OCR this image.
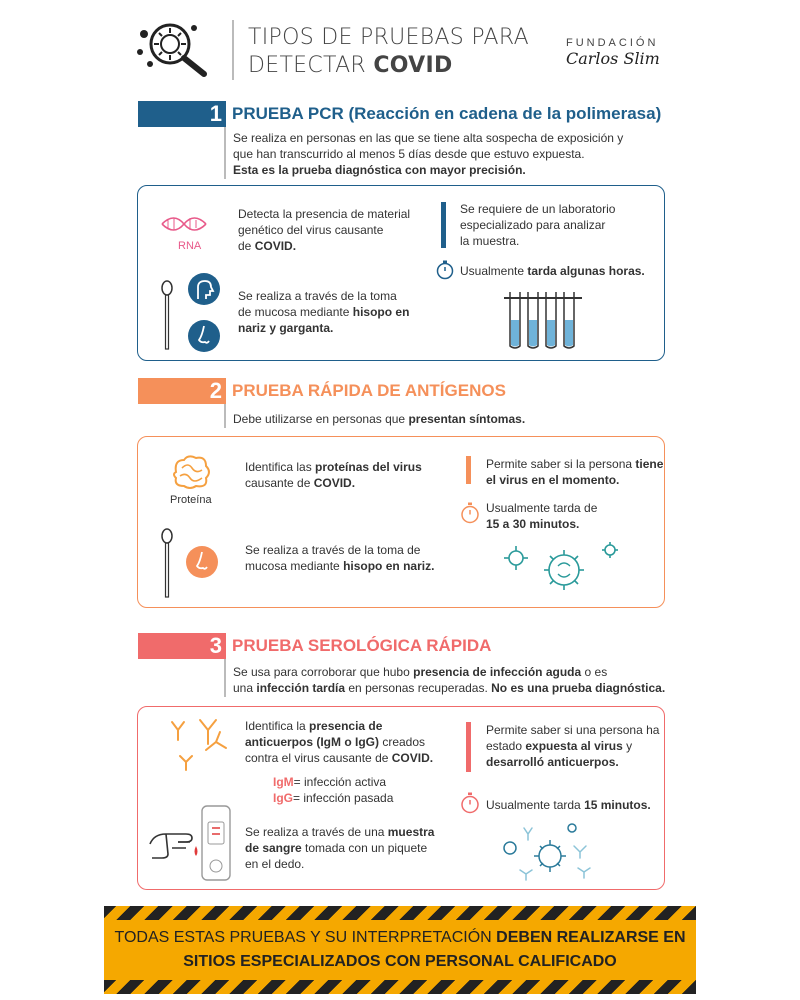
TIPOS DE PRUEBAS PARA
DETECTAR COVID
FUNDACIÓN
Carlos Slim
1 PRUEBA PCR (Reacción en cadena de la polimerasa)
Se realiza en personas en las que se tiene alta sospecha de exposición y
que han transcurrido al menos 5 días desde que estuvo expuesta.
Esta es la prueba diagnóstica con mayor precisión.
RNA
Detecta la presencia de material
genético del virus causante
de COVID.
Se realiza a través de la toma
de mucosa mediante hisopo en
nariz y garganta.
Se requiere de un laboratorio
especializado para analizar
la muestra.
Usualmente tarda algunas horas.
2 PRUEBA RÁPIDA DE ANTÍGENOS
Debe utilizarse en personas que presentan síntomas.
Proteína
Identifica las proteínas del virus
causante de COVID.
Se realiza a través de la toma de
mucosa mediante hisopo en nariz.
Permite saber si la persona tiene
el virus en el momento.
Usualmente tarda de
15 a 30 minutos.
3 PRUEBA SEROLÓGICA RÁPIDA
Se usa para corroborar que hubo presencia de infección aguda o es
una infección tardía en personas recuperadas. No es una prueba diagnóstica.
Identifica la presencia de
anticuerpos (IgM o IgG) creados
contra el virus causante de COVID.
IgM= infección activa
IgG= infección pasada
Se realiza a través de una muestra
de sangre tomada con un piquete
en el dedo.
Permite saber si una persona ha
estado expuesta al virus y
desarrolló anticuerpos.
Usualmente tarda 15 minutos.
TODAS ESTAS PRUEBAS Y SU INTERPRETACIÓN DEBEN REALIZARSE EN
SITIOS ESPECIALIZADOS CON PERSONAL CALIFICADO
